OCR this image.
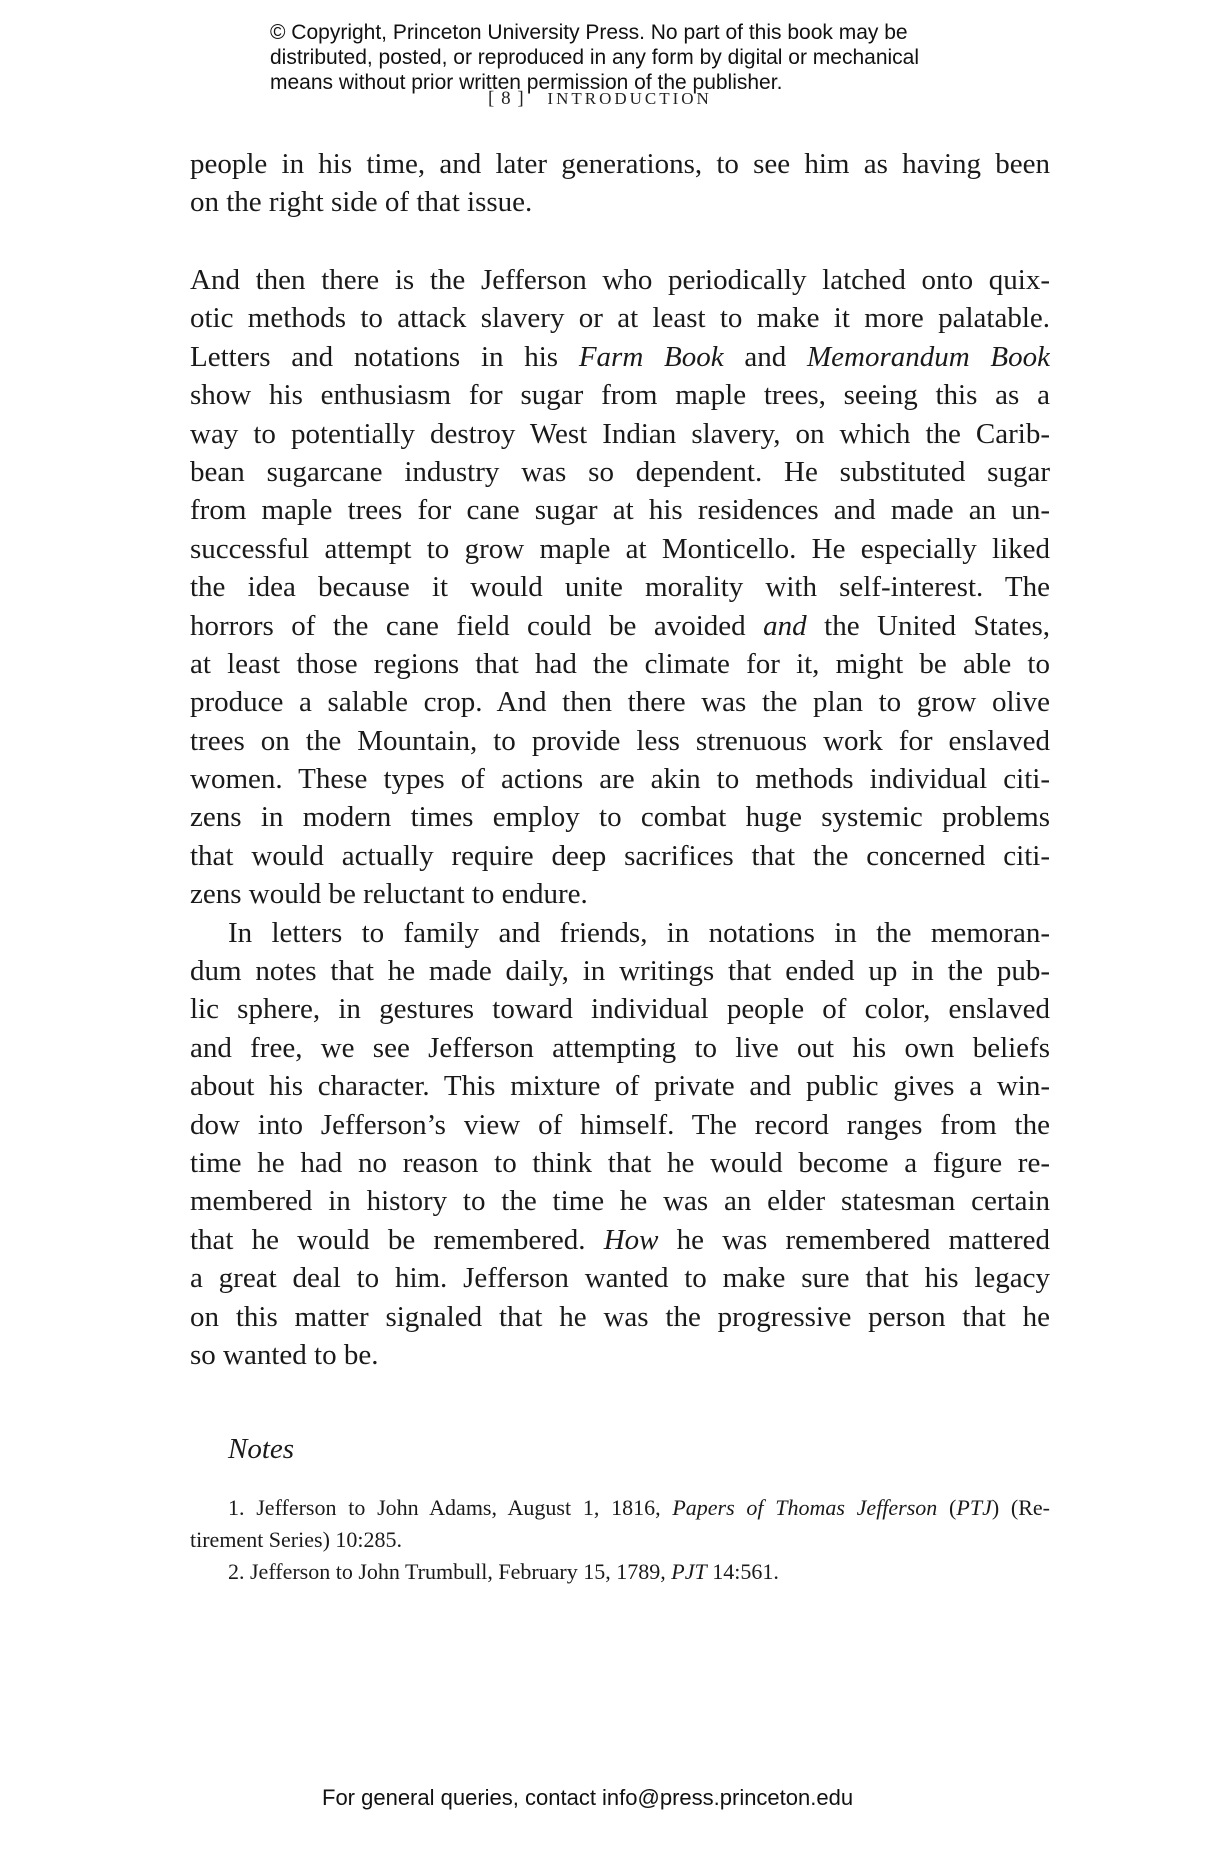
© Copyright, Princeton University Press. No part of this book may be
distributed, posted, or reproduced in any form by digital or mechanical
means without prior written permission of the publisher.
[ 8 ] INTRODUCTION
people in his time, and later generations, to see him as having been
on the right side of that issue.
And then there is the Jefferson who periodically latched onto quix-
otic methods to attack slavery or at least to make it more palatable.
Letters and notations in his Farm Book and Memorandum Book
show his enthusiasm for sugar from maple trees, seeing this as a
way to potentially destroy West Indian slavery, on which the Carib-
bean sugarcane industry was so dependent. He substituted sugar
from maple trees for cane sugar at his residences and made an un-
successful attempt to grow maple at Monticello. He especially liked
the idea because it would unite morality with self-interest. The
horrors of the cane field could be avoided and the United States,
at least those regions that had the climate for it, might be able to
produce a salable crop. And then there was the plan to grow olive
trees on the Mountain, to provide less strenuous work for enslaved
women. These types of actions are akin to methods individual citi-
zens in modern times employ to combat huge systemic problems
that would actually require deep sacrifices that the concerned citi-
zens would be reluctant to endure.
In letters to family and friends, in notations in the memoran-
dum notes that he made daily, in writings that ended up in the pub-
lic sphere, in gestures toward individual people of color, enslaved
and free, we see Jefferson attempting to live out his own beliefs
about his character. This mixture of private and public gives a win-
dow into Jefferson’s view of himself. The record ranges from the
time he had no reason to think that he would become a figure re-
membered in history to the time he was an elder statesman certain
that he would be remembered. How he was remembered mattered
a great deal to him. Jefferson wanted to make sure that his legacy
on this matter signaled that he was the progressive person that he
so wanted to be.
Notes
1. Jefferson to John Adams, August 1, 1816, Papers of Thomas Jefferson (PTJ) (Re-
tirement Series) 10:285.
2. Jefferson to John Trumbull, February 15, 1789, PJT 14:561.
For general queries, contact info@press.princeton.edu
